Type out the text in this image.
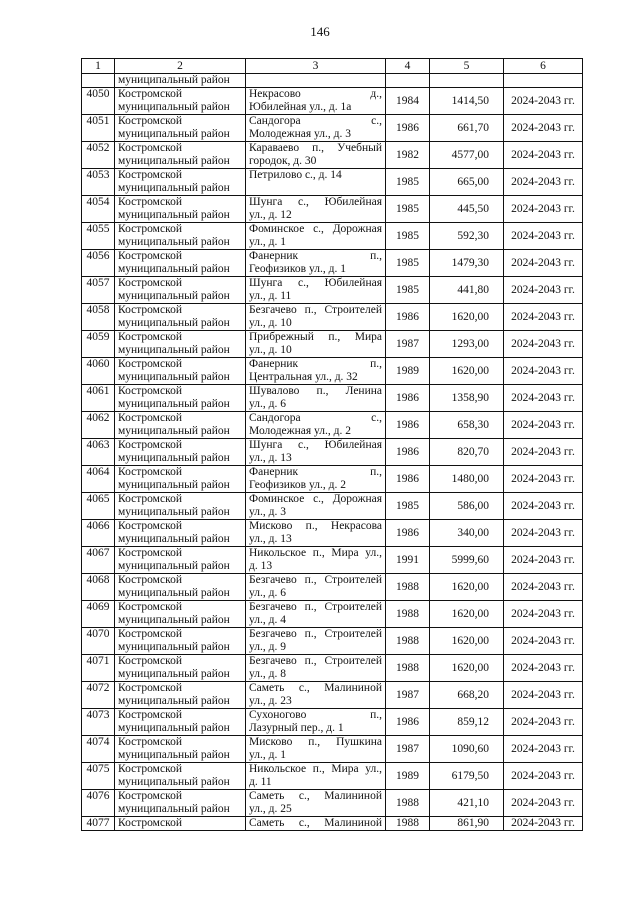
146
1	2	3	4	5	6

	муниципальный район				

4050	Костромской
муниципальный район	Некрасово д.,
Юбилейная ул., д. 1а	1984	1414,50	2024-2043 гг.
4051	Костромской
муниципальный район	Сандогора с.,
Молодежная ул., д. 3	1986	661,70	2024-2043 гг.
4052	Костромской
муниципальный район	Караваево п., Учебный
городок, д. 30	1982	4577,00	2024-2043 гг.
4053	Костромской
муниципальный район	Петрилово с., д. 14	1985	665,00	2024-2043 гг.
4054	Костромской
муниципальный район	Шунга с., Юбилейная
ул., д. 12	1985	445,50	2024-2043 гг.
4055	Костромской
муниципальный район	Фоминское с., Дорожная
ул., д. 1	1985	592,30	2024-2043 гг.
4056	Костромской
муниципальный район	Фанерник п.,
Геофизиков ул., д. 1	1985	1479,30	2024-2043 гг.
4057	Костромской
муниципальный район	Шунга с., Юбилейная
ул., д. 11	1985	441,80	2024-2043 гг.
4058	Костромской
муниципальный район	Безгачево п., Строителей
ул., д. 10	1986	1620,00	2024-2043 гг.
4059	Костромской
муниципальный район	Прибрежный п., Мира
ул., д. 10	1987	1293,00	2024-2043 гг.
4060	Костромской
муниципальный район	Фанерник п.,
Центральная ул., д. 32	1989	1620,00	2024-2043 гг.
4061	Костромской
муниципальный район	Шувалово п., Ленина
ул., д. 6	1986	1358,90	2024-2043 гг.
4062	Костромской
муниципальный район	Сандогора с.,
Молодежная ул., д. 2	1986	658,30	2024-2043 гг.
4063	Костромской
муниципальный район	Шунга с., Юбилейная
ул., д. 13	1986	820,70	2024-2043 гг.
4064	Костромской
муниципальный район	Фанерник п.,
Геофизиков ул., д. 2	1986	1480,00	2024-2043 гг.
4065	Костромской
муниципальный район	Фоминское с., Дорожная
ул., д. 3	1985	586,00	2024-2043 гг.
4066	Костромской
муниципальный район	Мисково п., Некрасова
ул., д. 13	1986	340,00	2024-2043 гг.
4067	Костромской
муниципальный район	Никольское п., Мира ул.,
д. 13	1991	5999,60	2024-2043 гг.
4068	Костромской
муниципальный район	Безгачево п., Строителей
ул., д. 6	1988	1620,00	2024-2043 гг.
4069	Костромской
муниципальный район	Безгачево п., Строителей
ул., д. 4	1988	1620,00	2024-2043 гг.
4070	Костромской
муниципальный район	Безгачево п., Строителей
ул., д. 9	1988	1620,00	2024-2043 гг.
4071	Костромской
муниципальный район	Безгачево п., Строителей
ул., д. 8	1988	1620,00	2024-2043 гг.
4072	Костромской
муниципальный район	Саметь с., Малининой
ул., д. 23	1987	668,20	2024-2043 гг.
4073	Костромской
муниципальный район	Сухоногово п.,
Лазурный пер., д. 1	1986	859,12	2024-2043 гг.
4074	Костромской
муниципальный район	Мисково п., Пушкина
ул., д. 1	1987	1090,60	2024-2043 гг.
4075	Костромской
муниципальный район	Никольское п., Мира ул.,
д. 11	1989	6179,50	2024-2043 гг.
4076	Костромской
муниципальный район	Саметь с., Малининой
ул., д. 25	1988	421,10	2024-2043 гг.
4077	Костромской	Саметь с., Малининой	1988	861,90	2024-2043 гг.
